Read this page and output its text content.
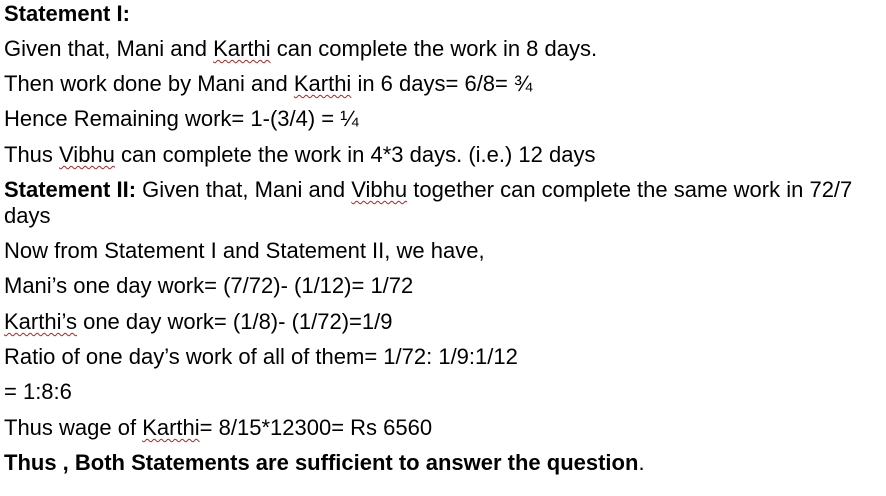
Statement I:
Given that, Mani and Karthi can complete the work in 8 days.
Then work done by Mani and Karthi in 6 days= 6/8= ¾
Hence Remaining work= 1-(3/4) = ¼
Thus Vibhu can complete the work in 4*3 days. (i.e.) 12 days
Statement II: Given that, Mani and Vibhu together can complete the same work in 72/7 days
Now from Statement I and Statement II, we have,
Mani’s one day work= (7/72)- (1/12)= 1/72
Karthi’s one day work= (1/8)- (1/72)=1/9
Ratio of one day’s work of all of them= 1/72: 1/9:1/12
= 1:8:6
Thus wage of Karthi= 8/15*12300= Rs 6560
Thus , Both Statements are sufficient to answer the question.
